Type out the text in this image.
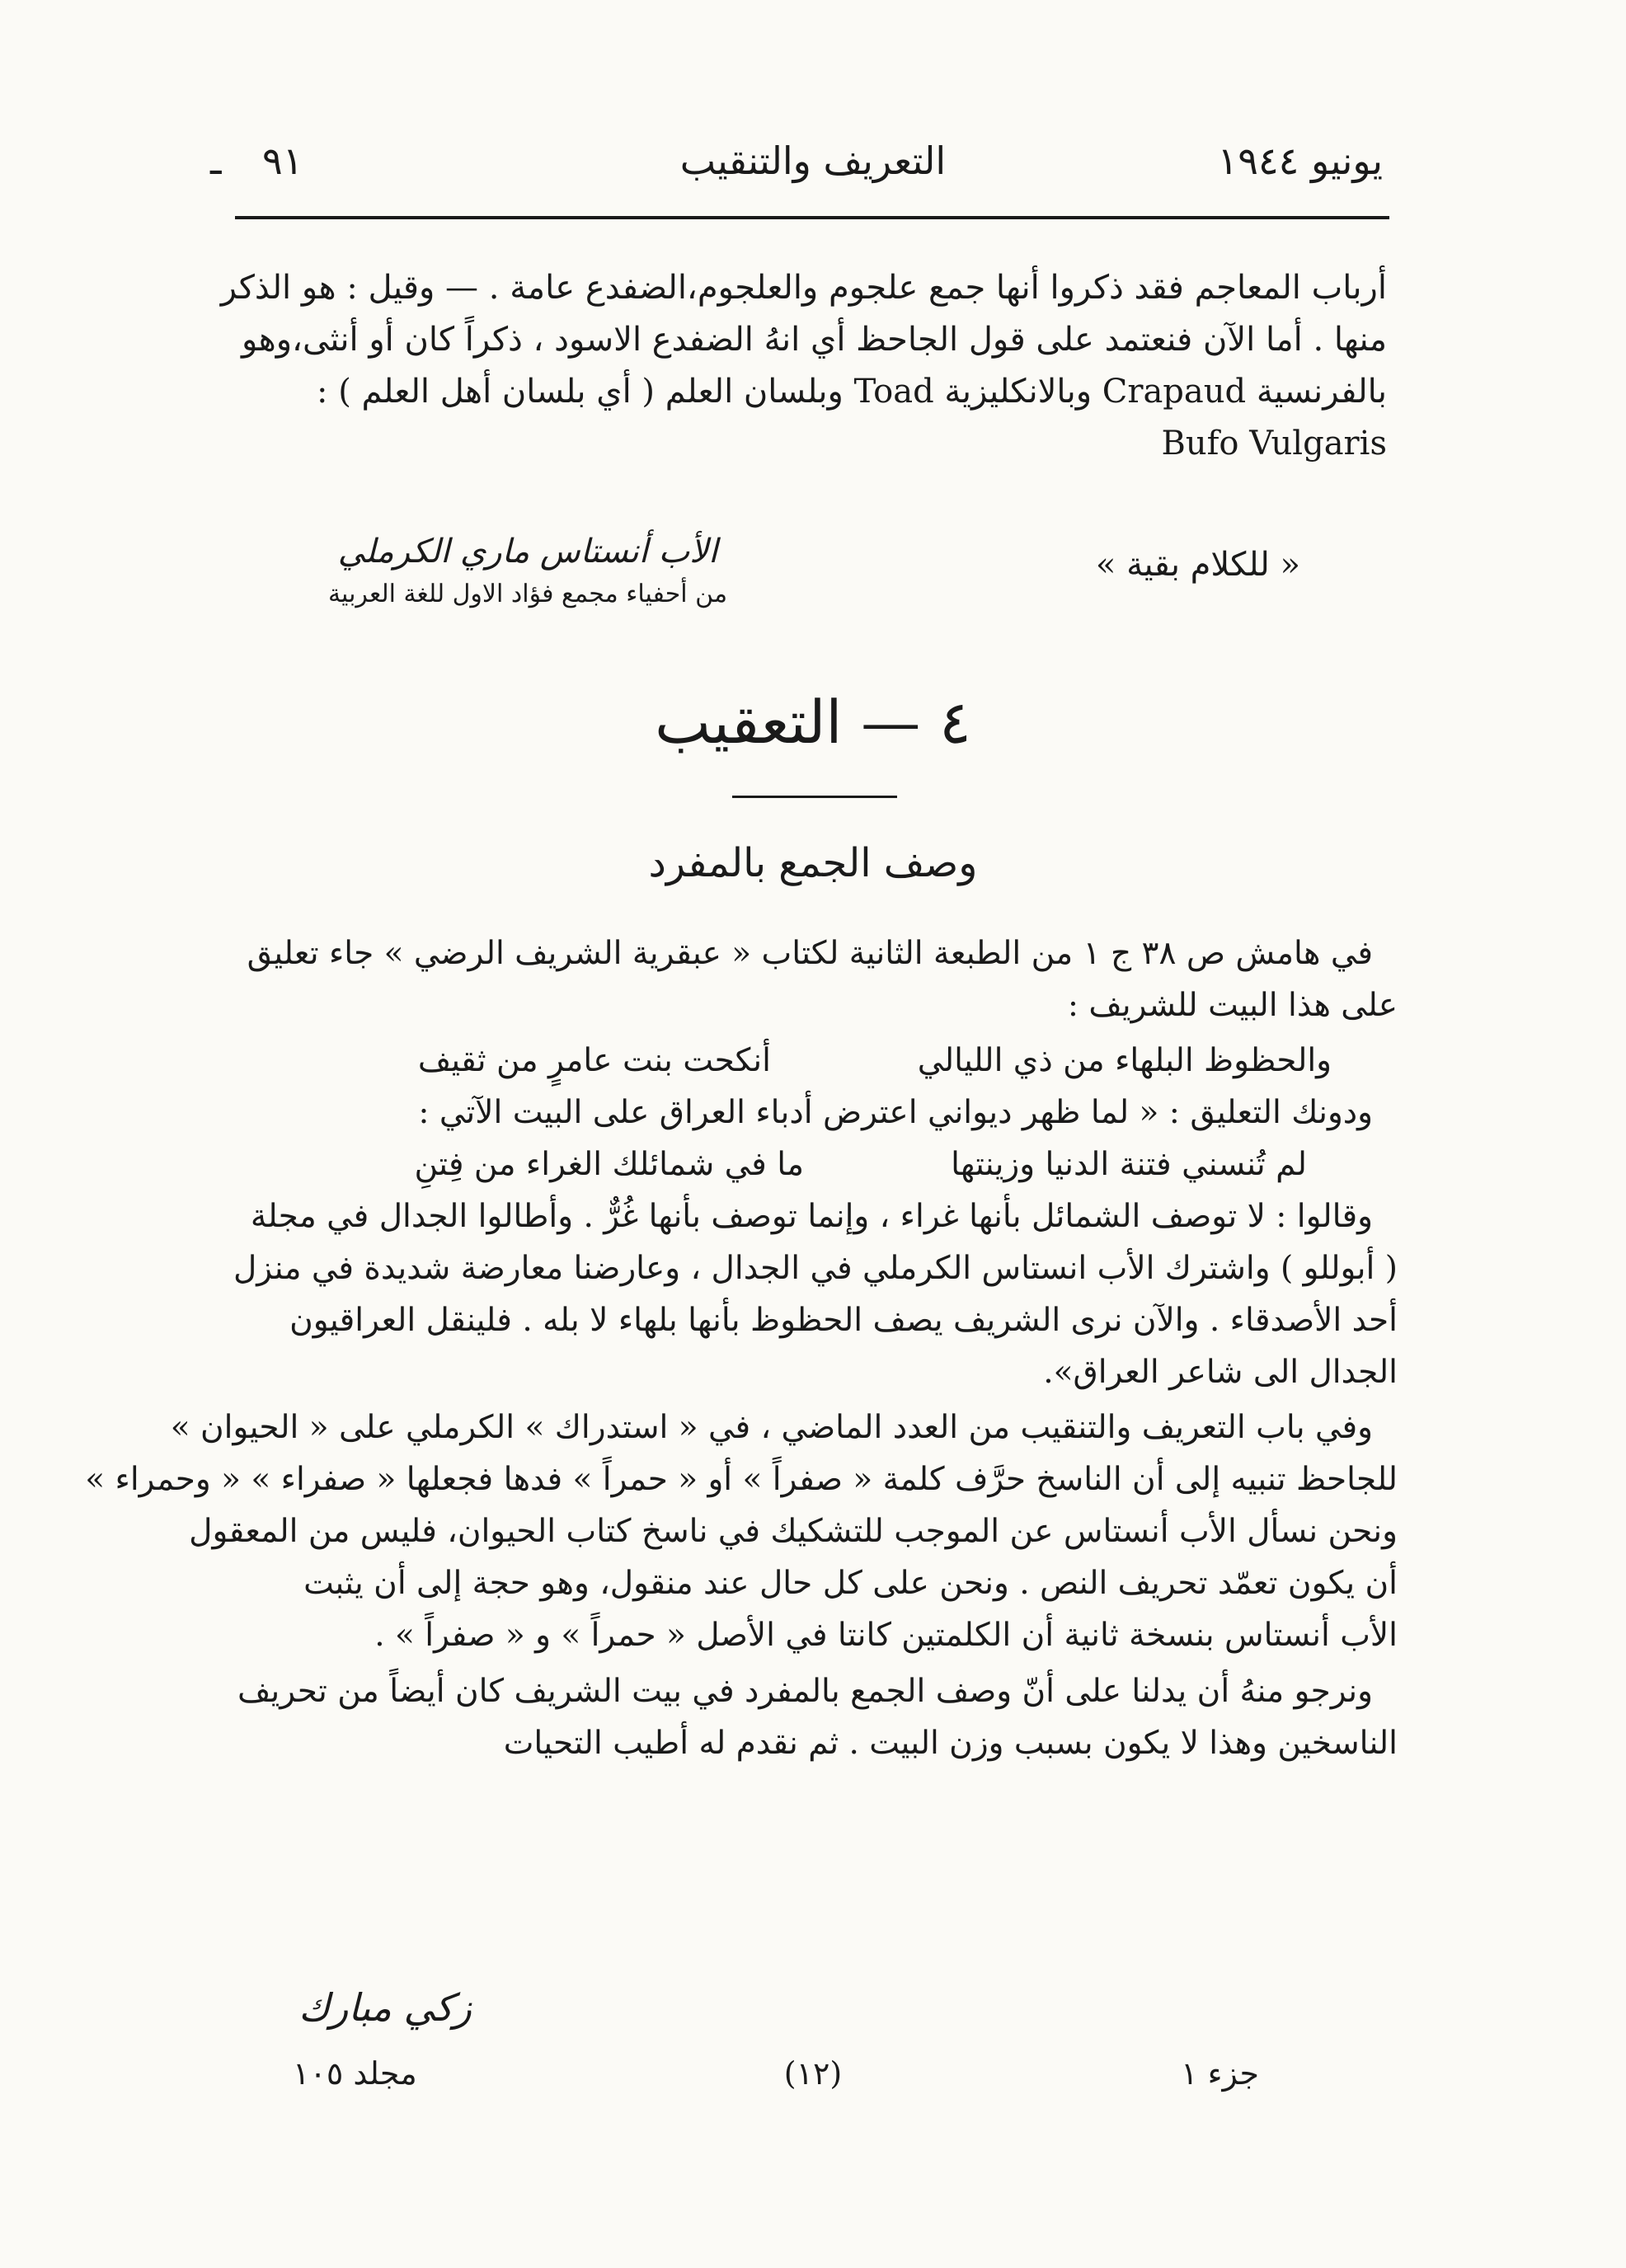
يونيو ١٩٤٤
التعريف والتنقيب
٩١
ـ
أرباب المعاجم فقد ذكروا أنها جمع علجوم والعلجوم،الضفدع عامة . — وقيل : هو الذكر
منها . أما الآن فنعتمد على قول الجاحظ أي انهُ الضفدع الاسود ، ذكراً كان أو أنثى،وهو
بالفرنسية Crapaud وبالانكليزية Toad وبلسان العلم ( أي بلسان أهل العلم ) :
Bufo Vulgaris
« للكلام بقية »
الأب أنستاس ماري الكرملي
من أحفياء مجمع فؤاد الاول للغة العربية
٤ — التعقيب
وصف الجمع بالمفرد
في هامش ص ٣٨ ج ١ من الطبعة الثانية لكتاب « عبقرية الشريف الرضي » جاء تعليق
على هذا البيت للشريف :
والحظوظ البلهاء من ذي الليالي
أنكحت بنت عامرٍ من ثقيف
ودونك التعليق : « لما ظهر ديواني اعترض أدباء العراق على البيت الآتي :
لم تُنسني فتنة الدنيا وزينتها
ما في شمائلك الغراء من فِتنِ
وقالوا : لا توصف الشمائل بأنها غراء ، وإنما توصف بأنها غُرٌّ . وأطالوا الجدال في مجلة
( أبوللو ) واشترك الأب انستاس الكرملي في الجدال ، وعارضنا معارضة شديدة في منزل
أحد الأصدقاء . والآن نرى الشريف يصف الحظوظ بأنها بلهاء لا بله . فلينقل العراقيون
الجدال الى شاعر العراق».
وفي باب التعريف والتنقيب من العدد الماضي ، في « استدراك » الكرملي على « الحيوان »
للجاحظ تنبيه إلى أن الناسخ حرَّف كلمة « صفراً » أو « حمراً » فدها فجعلها « صفراء » « وحمراء »
ونحن نسأل الأب أنستاس عن الموجب للتشكيك في ناسخ كتاب الحيوان، فليس من المعقول
أن يكون تعمّد تحريف النص . ونحن على كل حال عند منقول، وهو حجة إلى أن يثبت
الأب أنستاس بنسخة ثانية أن الكلمتين كانتا في الأصل « حمراً » و « صفراً » .
ونرجو منهُ أن يدلنا على أنّ وصف الجمع بالمفرد في بيت الشريف كان أيضاً من تحريف
الناسخين وهذا لا يكون بسبب وزن البيت . ثم نقدم له أطيب التحيات
زكي مبارك
مجلد ١٠٥	(١٢)	جزء ١
